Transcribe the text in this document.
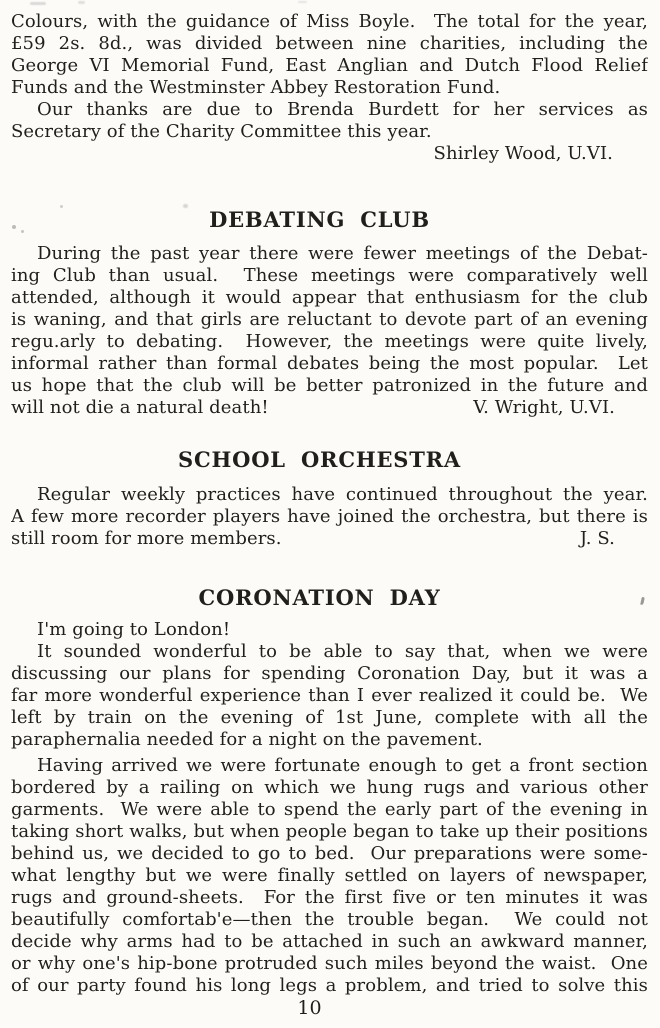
Colours, with the guidance of Miss Boyle.  The total for the year,
£59 2s. 8d., was divided between nine charities, including the
George VI Memorial Fund, East Anglian and Dutch Flood Relief
Funds and the Westminster Abbey Restoration Fund.
Our thanks are due to Brenda Burdett for her services as
Secretary of the Charity Committee this year.
Shirley Wood, U.VI.
DEBATING CLUB
During the past year there were fewer meetings of the Debat-
ing Club than usual.  These meetings were comparatively well
attended, although it would appear that enthusiasm for the club
is waning, and that girls are reluctant to devote part of an evening
regu.arly to debating.  However, the meetings were quite lively,
informal rather than formal debates being the most popular.  Let
us hope that the club will be better patronized in the future and
will not die a natural death!	V. Wright, U.VI.
SCHOOL ORCHESTRA
Regular weekly practices have continued throughout the year.
A few more recorder players have joined the orchestra, but there is
still room for more members.	J. S.
CORONATION DAY
I'm going to London!
It sounded wonderful to be able to say that, when we were
discussing our plans for spending Coronation Day, but it was a
far more wonderful experience than I ever realized it could be.  We
left by train on the evening of 1st June, complete with all the
paraphernalia needed for a night on the pavement.
Having arrived we were fortunate enough to get a front section
bordered by a railing on which we hung rugs and various other
garments.  We were able to spend the early part of the evening in
taking short walks, but when people began to take up their positions
behind us, we decided to go to bed.  Our preparations were some-
what lengthy but we were finally settled on layers of newspaper,
rugs and ground-sheets.  For the first five or ten minutes it was
beautifully comfortab'e—then the trouble began.  We could not
decide why arms had to be attached in such an awkward manner,
or why one's hip-bone protruded such miles beyond the waist.  One
of our party found his long legs a problem, and tried to solve this
10
